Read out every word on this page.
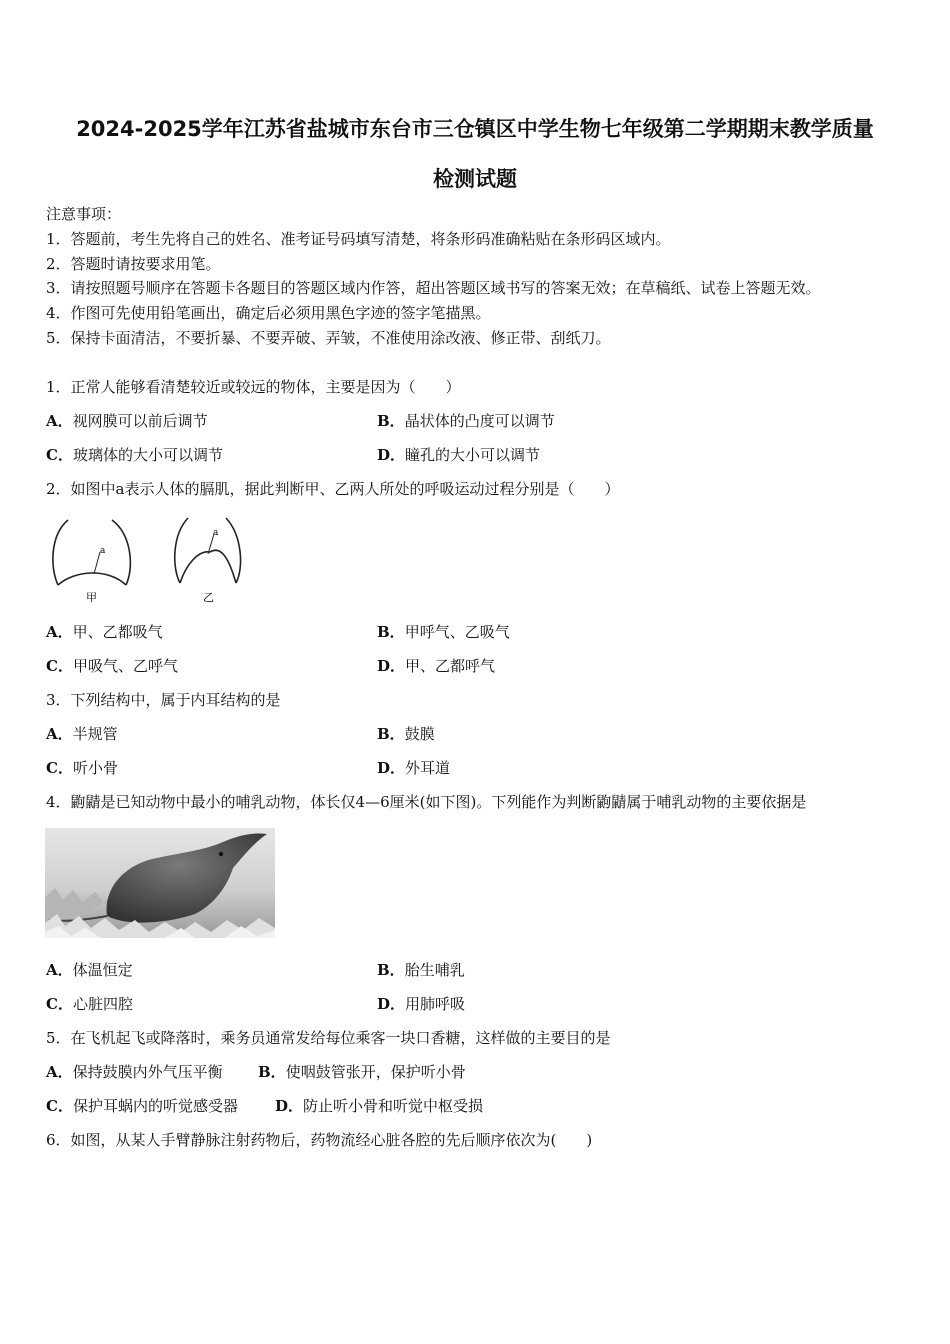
2024-2025学年江苏省盐城市东台市三仓镇区中学生物七年级第二学期期末教学质量
检测试题
注意事项：
1．答题前，考生先将自己的姓名、准考证号码填写清楚，将条形码准确粘贴在条形码区域内。
2．答题时请按要求用笔。
3．请按照题号顺序在答题卡各题目的答题区域内作答，超出答题区域书写的答案无效；在草稿纸、试卷上答题无效。
4．作图可先使用铅笔画出，确定后必须用黑色字迹的签字笔描黑。
5．保持卡面清洁，不要折暴、不要弄破、弄皱，不准使用涂改液、修正带、刮纸刀。
1．正常人能够看清楚较近或较远的物体，主要是因为（　　）
A．视网膜可以前后调节	B．晶状体的凸度可以调节
C．玻璃体的大小可以调节	D．瞳孔的大小可以调节
2．如图中a表示人体的膈肌，据此判断甲、乙两人所处的呼吸运动过程分别是（　　）
a
甲
a
乙
A．甲、乙都吸气	B．甲呼气、乙吸气
C．甲吸气、乙呼气	D．甲、乙都呼气
3．下列结构中，属于内耳结构的是
A．半规管	B．鼓膜
C．听小骨	D．外耳道
4．鼩鼱是已知动物中最小的哺乳动物，体长仅4—6厘米(如下图)。下列能作为判断鼩鼱属于哺乳动物的主要依据是
A．体温恒定	B．胎生哺乳
C．心脏四腔	D．用肺呼吸
5．在飞机起飞或降落时，乘务员通常发给每位乘客一块口香糖，这样做的主要目的是
A．保持鼓膜内外气压平衡 B．使咽鼓管张开，保护听小骨
C．保护耳蜗内的听觉感受器 D．防止听小骨和听觉中枢受损
6．如图，从某人手臂静脉注射药物后，药物流经心脏各腔的先后顺序依次为(　　)
